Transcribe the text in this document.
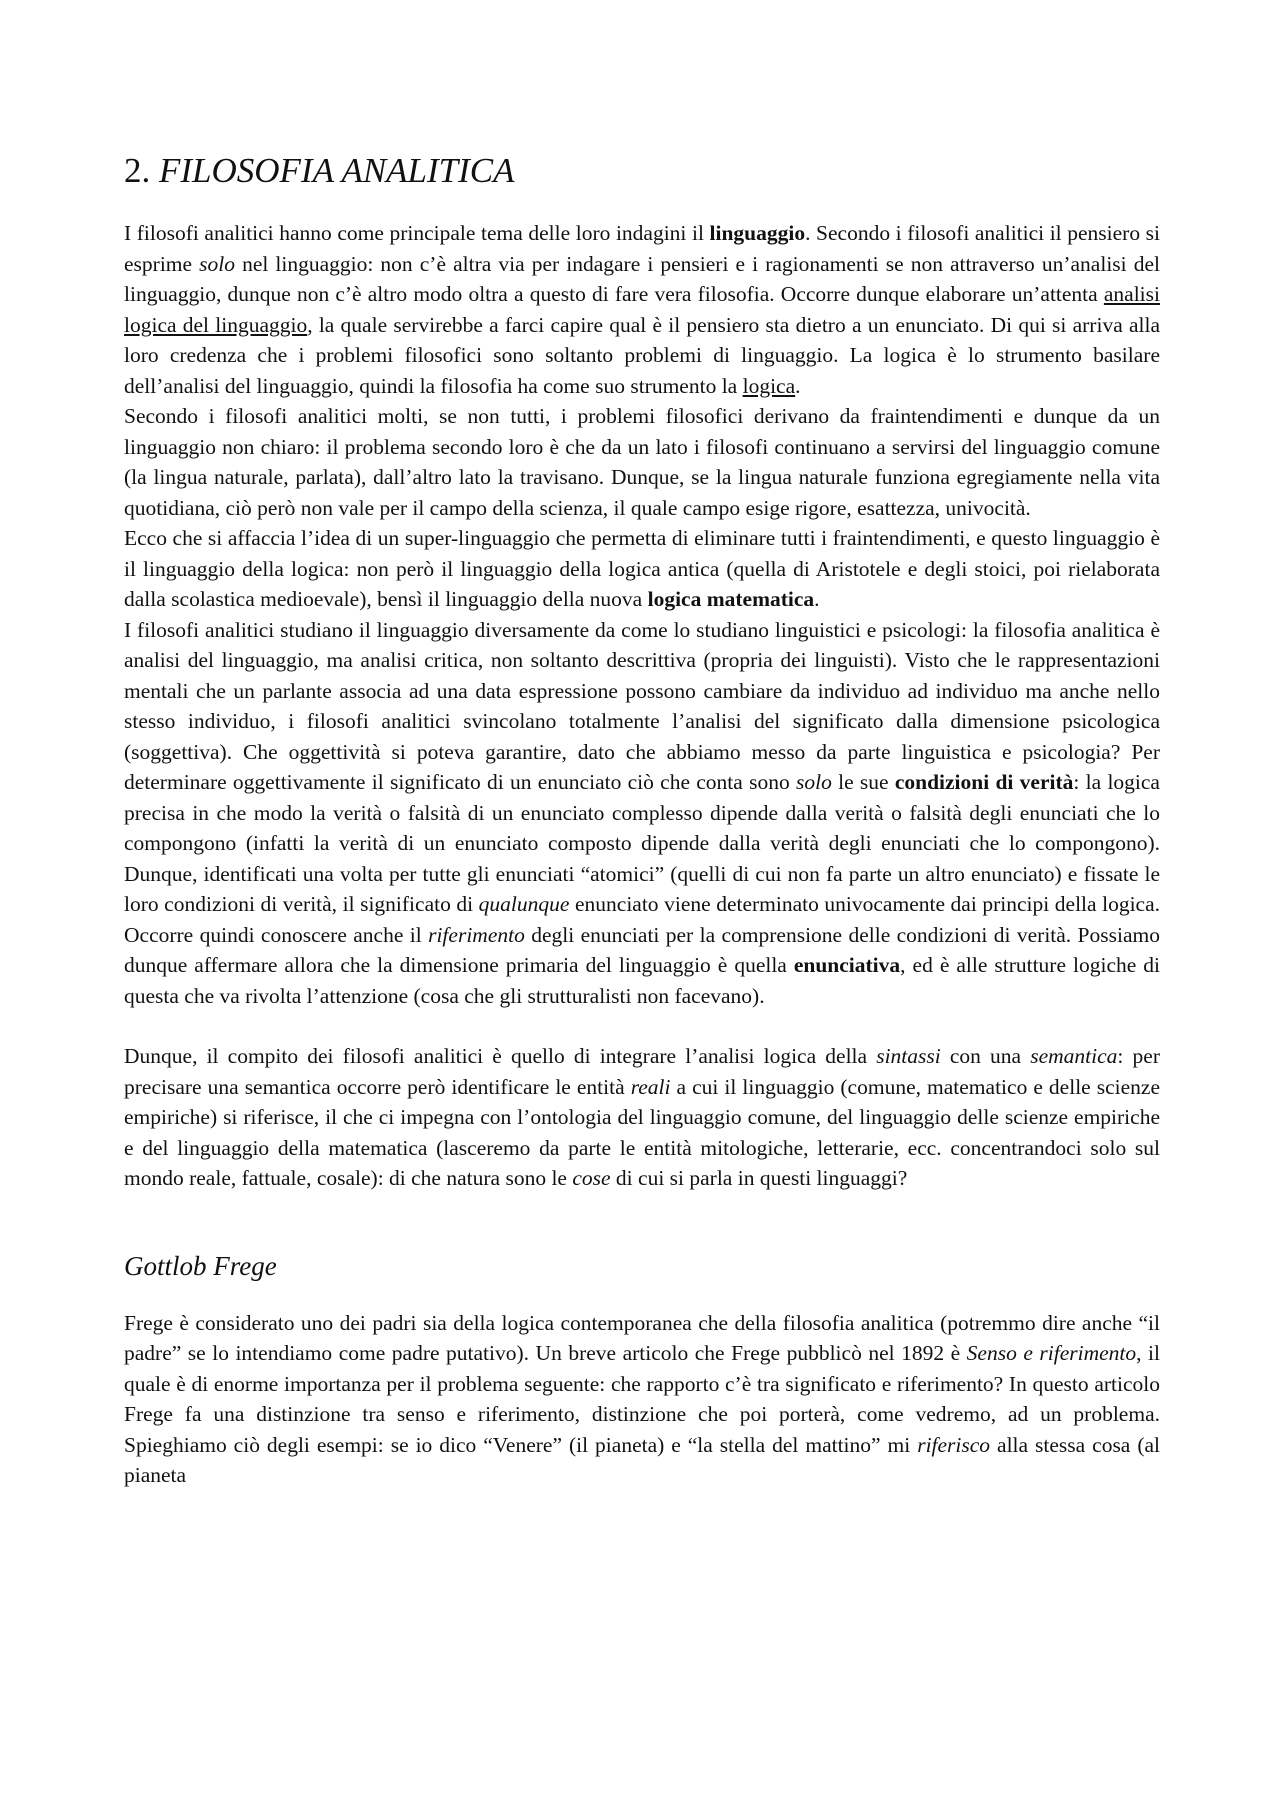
2. FILOSOFIA ANALITICA

I filosofi analitici hanno come principale tema delle loro indagini il linguaggio. Secondo i filosofi analitici il pensiero si esprime solo nel linguaggio: non c’è altra via per indagare i pensieri e i ragionamenti se non attraverso un’analisi del linguaggio, dunque non c’è altro modo oltra a questo di fare vera filosofia. Occorre dunque elaborare un’attenta analisi logica del linguaggio, la quale servirebbe a farci capire qual è il pensiero sta dietro a un enunciato. Di qui si arriva alla loro credenza che i problemi filosofici sono soltanto problemi di linguaggio. La logica è lo strumento basilare dell’analisi del linguaggio, quindi la filosofia ha come suo strumento la logica.

Secondo i filosofi analitici molti, se non tutti, i problemi filosofici derivano da fraintendimenti e dunque da un linguaggio non chiaro: il problema secondo loro è che da un lato i filosofi continuano a servirsi del linguaggio comune (la lingua naturale, parlata), dall’altro lato la travisano. Dunque, se la lingua naturale funziona egregiamente nella vita quotidiana, ciò però non vale per il campo della scienza, il quale campo esige rigore, esattezza, univocità.

Ecco che si affaccia l’idea di un super-linguaggio che permetta di eliminare tutti i fraintendimenti, e questo linguaggio è il linguaggio della logica: non però il linguaggio della logica antica (quella di Aristotele e degli stoici, poi rielaborata dalla scolastica medioevale), bensì il linguaggio della nuova logica matematica.

I filosofi analitici studiano il linguaggio diversamente da come lo studiano linguistici e psicologi: la filosofia analitica è analisi del linguaggio, ma analisi critica, non soltanto descrittiva (propria dei linguisti). Visto che le rappresentazioni mentali che un parlante associa ad una data espressione possono cambiare da individuo ad individuo ma anche nello stesso individuo, i filosofi analitici svincolano totalmente l’analisi del significato dalla dimensione psicologica (soggettiva). Che oggettività si poteva garantire, dato che abbiamo messo da parte linguistica e psicologia? Per determinare oggettivamente il significato di un enunciato ciò che conta sono solo le sue condizioni di verità: la logica precisa in che modo la verità o falsità di un enunciato complesso dipende dalla verità o falsità degli enunciati che lo compongono (infatti la verità di un enunciato composto dipende dalla verità degli enunciati che lo compongono). Dunque, identificati una volta per tutte gli enunciati “atomici” (quelli di cui non fa parte un altro enunciato) e fissate le loro condizioni di verità, il significato di qualunque enunciato viene determinato univocamente dai principi della logica. Occorre quindi conoscere anche il riferimento degli enunciati per la comprensione delle condizioni di verità. Possiamo dunque affermare allora che la dimensione primaria del linguaggio è quella enunciativa, ed è alle strutture logiche di questa che va rivolta l’attenzione (cosa che gli strutturalisti non facevano).

Dunque, il compito dei filosofi analitici è quello di integrare l’analisi logica della sintassi con una semantica: per precisare una semantica occorre però identificare le entità reali a cui il linguaggio (comune, matematico e delle scienze empiriche) si riferisce, il che ci impegna con l’ontologia del linguaggio comune, del linguaggio delle scienze empiriche e del linguaggio della matematica (lasceremo da parte le entità mitologiche, letterarie, ecc. concentrandoci solo sul mondo reale, fattuale, cosale): di che natura sono le cose di cui si parla in questi linguaggi?

Gottlob Frege

Frege è considerato uno dei padri sia della logica contemporanea che della filosofia analitica (potremmo dire anche “il padre” se lo intendiamo come padre putativo). Un breve articolo che Frege pubblicò nel 1892 è Senso e riferimento, il quale è di enorme importanza per il problema seguente: che rapporto c’è tra significato e riferimento? In questo articolo Frege fa una distinzione tra senso e riferimento, distinzione che poi porterà, come vedremo, ad un problema. Spieghiamo ciò degli esempi: se io dico “Venere” (il pianeta) e “la stella del mattino” mi riferisco alla stessa cosa (al pianeta
